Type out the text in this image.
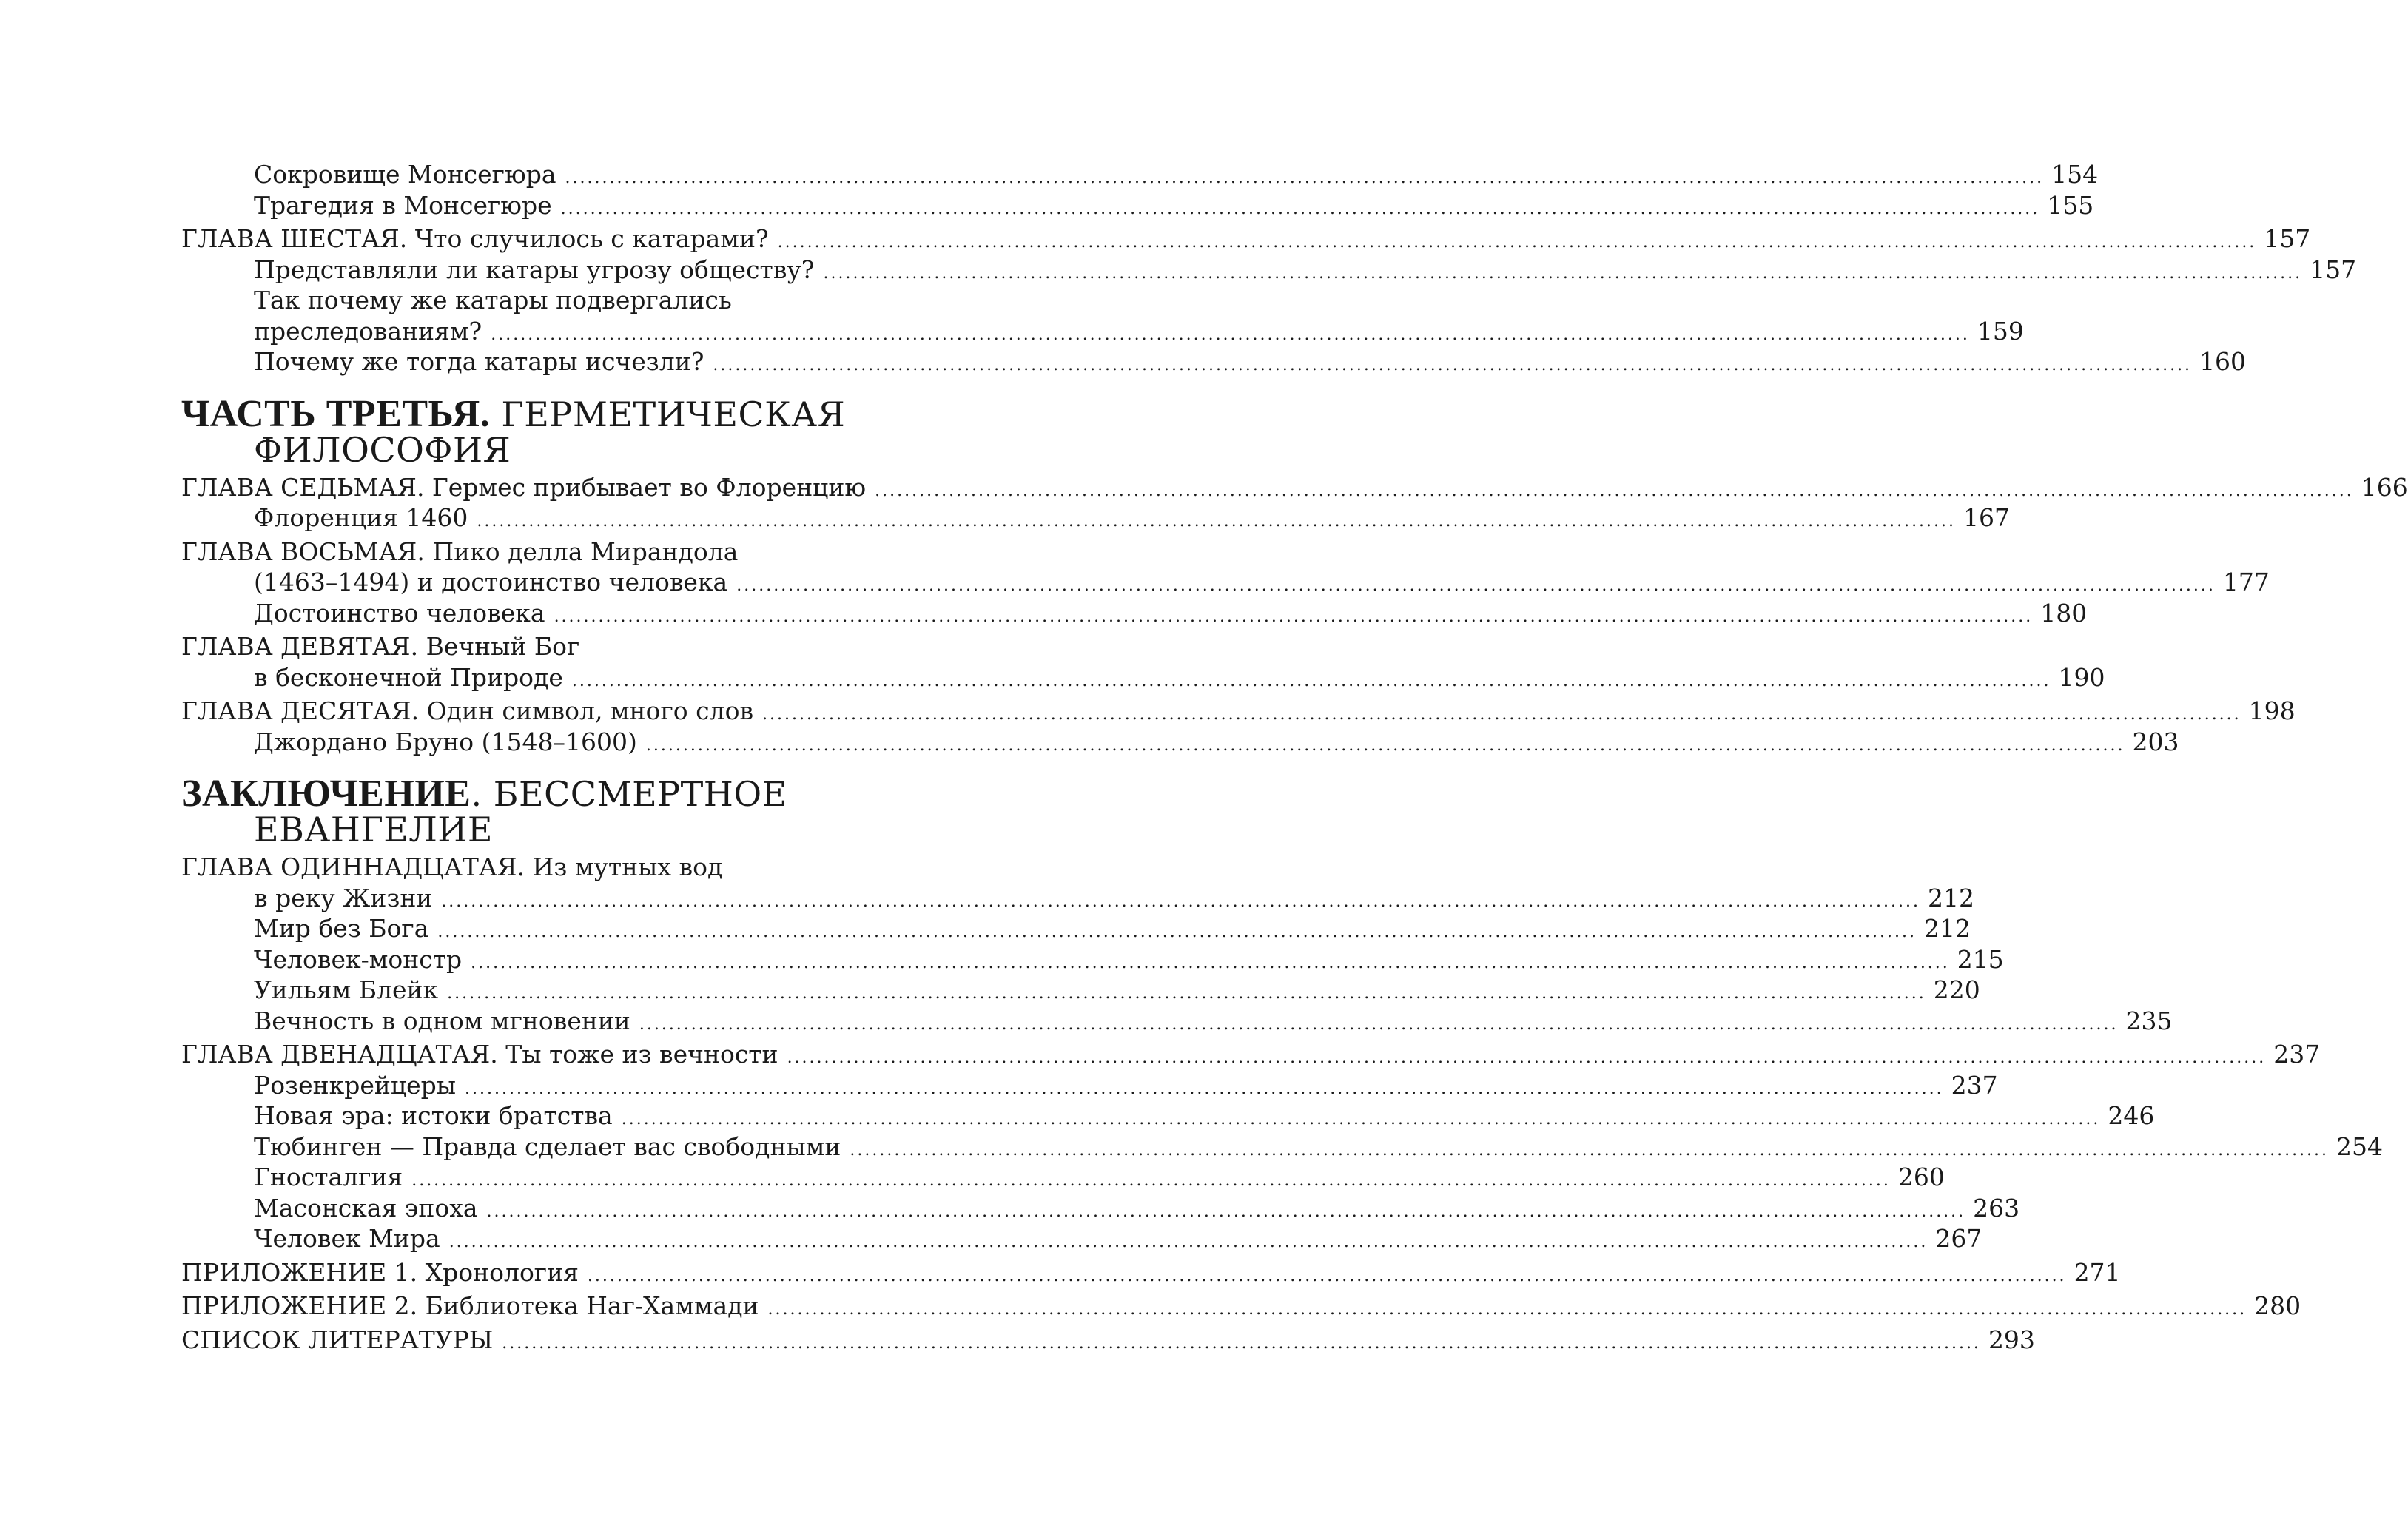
Сокровище Монсегюра ........................................................................................................................................................................................................ 154
Трагедия в Монсегюре ........................................................................................................................................................................................................ 155
ГЛАВА ШЕСТАЯ. Что случилось с катарами? ........................................................................................................................................................................................................ 157
Представляли ли катары угрозу обществу? ........................................................................................................................................................................................................ 157
Так почему же катары подвергались
преследованиям? ........................................................................................................................................................................................................ 159
Почему же тогда катары исчезли? ........................................................................................................................................................................................................ 160
ЧАСТЬ ТРЕТЬЯ. ГЕРМЕТИЧЕСКАЯ
ФИЛОСОФИЯ
ГЛАВА СЕДЬМАЯ. Гермес прибывает во Флоренцию ........................................................................................................................................................................................................ 166
Флоренция 1460 ........................................................................................................................................................................................................ 167
ГЛАВА ВОСЬМАЯ. Пико делла Мирандола
(1463–1494) и достоинство человека ........................................................................................................................................................................................................ 177
Достоинство человека ........................................................................................................................................................................................................ 180
ГЛАВА ДЕВЯТАЯ. Вечный Бог
в бесконечной Природе ........................................................................................................................................................................................................ 190
ГЛАВА ДЕСЯТАЯ. Один символ, много слов ........................................................................................................................................................................................................ 198
Джордано Бруно (1548–1600) ........................................................................................................................................................................................................ 203
ЗАКЛЮЧЕНИЕ. БЕССМЕРТНОЕ
ЕВАНГЕЛИЕ
ГЛАВА ОДИННАДЦАТАЯ. Из мутных вод
в реку Жизни ........................................................................................................................................................................................................ 212
Мир без Бога ........................................................................................................................................................................................................ 212
Человек-монстр ........................................................................................................................................................................................................ 215
Уильям Блейк ........................................................................................................................................................................................................ 220
Вечность в одном мгновении ........................................................................................................................................................................................................ 235
ГЛАВА ДВЕНАДЦАТАЯ. Ты тоже из вечности ........................................................................................................................................................................................................ 237
Розенкрейцеры ........................................................................................................................................................................................................ 237
Новая эра: истоки братства ........................................................................................................................................................................................................ 246
Тюбинген — Правда сделает вас свободными ........................................................................................................................................................................................................ 254
Гносталгия ........................................................................................................................................................................................................ 260
Масонская эпоха ........................................................................................................................................................................................................ 263
Человек Мира ........................................................................................................................................................................................................ 267
ПРИЛОЖЕНИЕ 1. Хронология ........................................................................................................................................................................................................ 271
ПРИЛОЖЕНИЕ 2. Библиотека Наг-Хаммади ........................................................................................................................................................................................................ 280
СПИСОК ЛИТЕРАТУРЫ ........................................................................................................................................................................................................ 293
